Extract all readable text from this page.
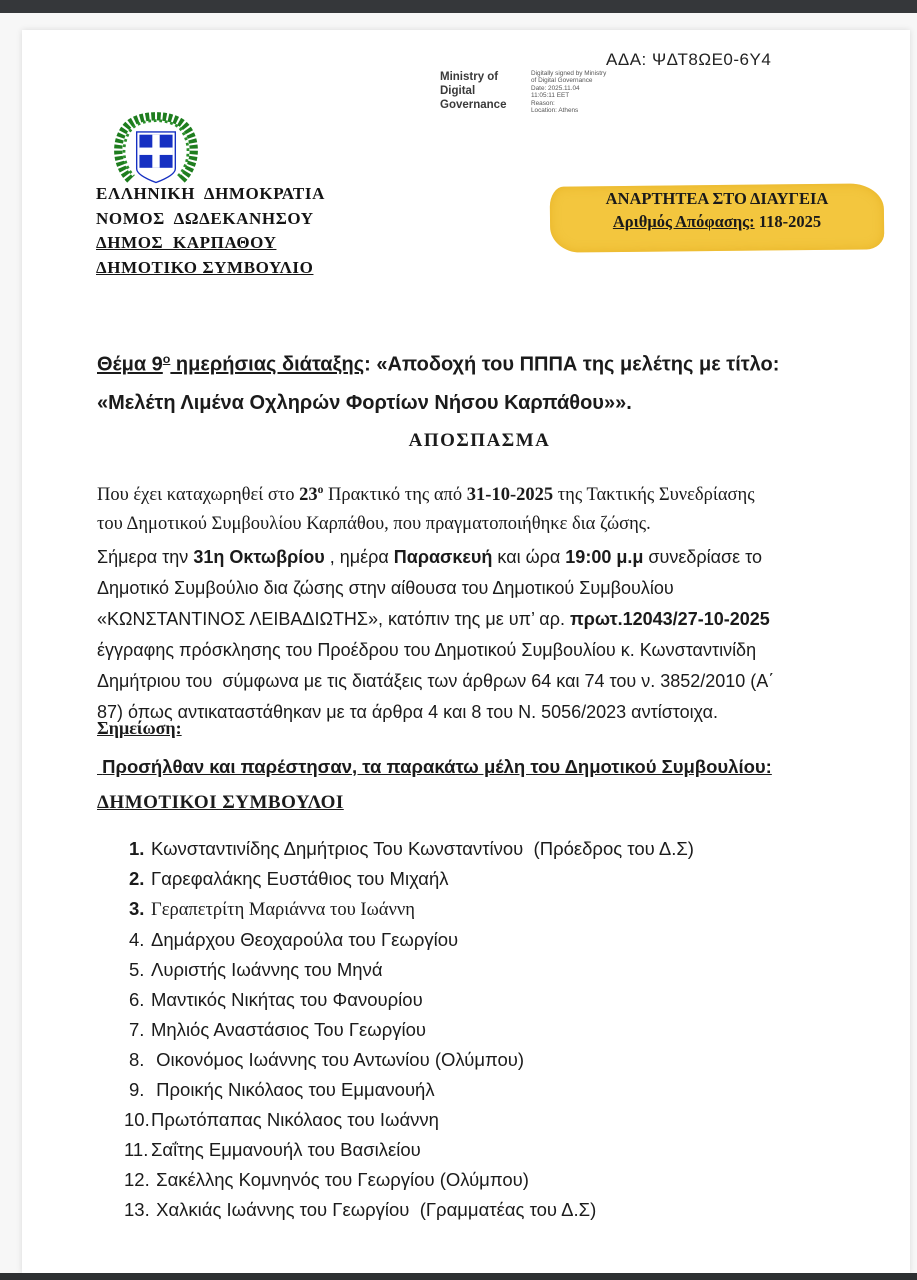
ΑΔΑ: ΨΔΤ8ΩΕ0-6Υ4
Ministry of
Digital
Governance
Digitally signed by Ministry
of Digital Governance
Date: 2025.11.04
11:05:11 EET
Reason:
Location: Athens
ΕΛΛΗΝΙΚΗ  ΔΗΜΟΚΡΑΤΙΑ
ΝΟΜΟΣ  ΔΩΔΕΚΑΝΗΣΟΥ
ΔΗΜΟΣ  ΚΑΡΠΑΘΟΥ
ΔΗΜΟΤΙΚΟ ΣΥΜΒΟΥΛΙΟ
ΑΝΑΡΤΗΤΕΑ ΣΤΟ ΔΙΑΥΓΕΙΑ
Αριθμός Απόφασης: 118-2025
Θέμα $9^o$ ημερήσιας διάταξης: «Αποδοχή του ΠΠΠΑ της μελέτης με τίτλο:
«Μελέτη Λιμένα Οχληρών Φορτίων Νήσου Καρπάθου»».
ΑΠΟΣΠΑΣΜΑ
Που έχει καταχωρηθεί στο $23^o$ Πρακτικό της από 31-10-2025 της Τακτικής Συνεδρίασης
του Δημοτικού Συμβουλίου Καρπάθου, που πραγματοποιήθηκε δια ζώσης.
Σήμερα την 31η Οκτωβρίου , ημέρα Παρασκευή και ώρα 19:00 μ.μ συνεδρίασε το
Δημοτικό Συμβούλιο δια ζώσης στην αίθουσα του Δημοτικού Συμβουλίου
«ΚΩΝΣΤΑΝΤΙΝΟΣ ΛΕΙΒΑΔΙΩΤΗΣ», κατόπιν της με υπ’ αρ. πρωτ.12043/27-10-2025
έγγραφης πρόσκλησης του Προέδρου του Δημοτικού Συμβουλίου κ. Κωνσταντινίδη
Δημήτριου του  σύμφωνα με τις διατάξεις των άρθρων 64 και 74 του ν. 3852/2010 (Α΄
87) όπως αντικαταστάθηκαν με τα άρθρα 4 και 8 του Ν. 5056/2023 αντίστοιχα.
Σημείωση:
Προσήλθαν και παρέστησαν, τα παρακάτω μέλη του Δημοτικού Συμβουλίου:
ΔΗΜΟΤΙΚΟΙ ΣΥΜΒΟΥΛΟΙ
1. Κωνσταντινίδης Δημήτριος Του Κωνσταντίνου  (Πρόεδρος του Δ.Σ)
2. Γαρεφαλάκης Ευστάθιος του Μιχαήλ
3. Γεραπετρίτη Μαριάννα του Ιωάννη
4. Δημάρχου Θεοχαρούλα του Γεωργίου
5. Λυριστής Ιωάννης του Μηνά
6. Μαντικός Νικήτας του Φανουρίου
7. Μηλιός Αναστάσιος Του Γεωργίου
8. Οικονόμος Ιωάννης του Αντωνίου (Ολύμπου)
9. Προικής Νικόλαος του Εμμανουήλ
10.Πρωτόπαπας Νικόλαος του Ιωάννη
11. Σαΐτης Εμμανουήλ του Βασιλείου
12. Σακέλλης Κομνηνός του Γεωργίου (Ολύμπου)
13. Χαλκιάς Ιωάννης του Γεωργίου  (Γραμματέας του Δ.Σ)
